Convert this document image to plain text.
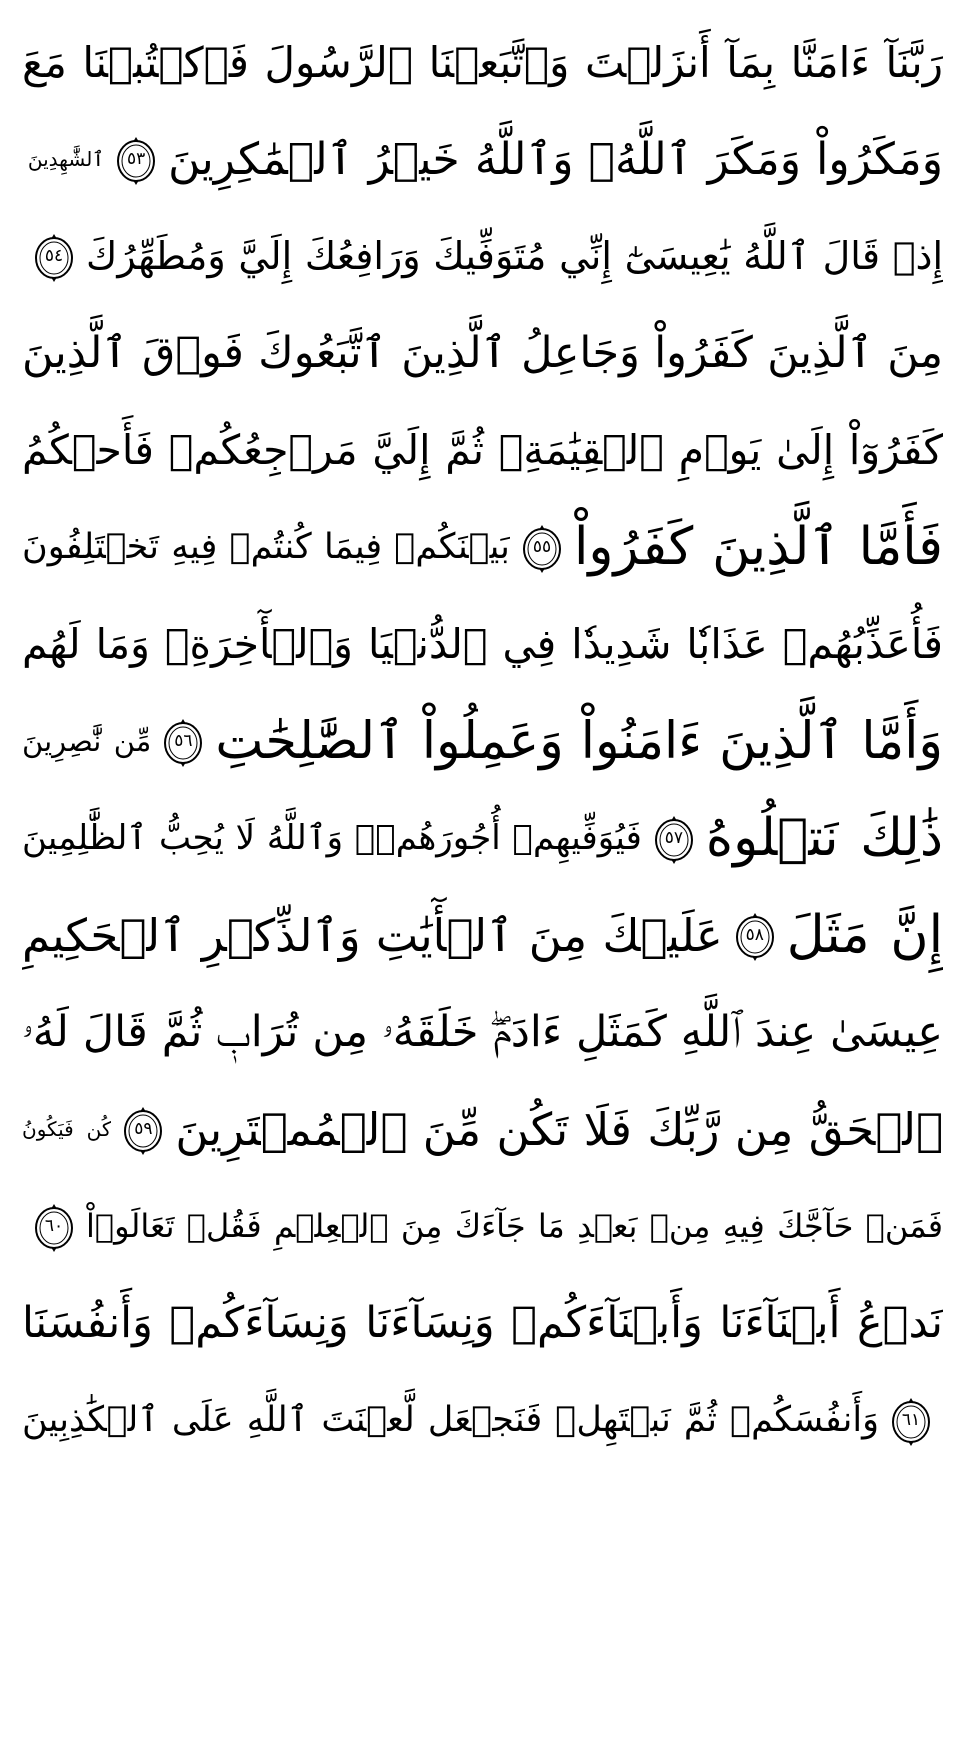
رَبَّنَآ ءَامَنَّا بِمَآ أَنزَلۡتَ وَٱتَّبَعۡنَا ٱلرَّسُولَ فَٱكۡتُبۡنَا مَعَ
ٱلشَّٰهِدِينَ ٥٣ وَمَكَرُواْ وَمَكَرَ ٱللَّهُۖ وَٱللَّهُ خَيۡرُ ٱلۡمَٰكِرِينَ
٥٤ إِذۡ قَالَ ٱللَّهُ يَٰعِيسَىٰٓ إِنِّي مُتَوَفِّيكَ وَرَافِعُكَ إِلَيَّ وَمُطَهِّرُكَ
مِنَ ٱلَّذِينَ كَفَرُواْ وَجَاعِلُ ٱلَّذِينَ ٱتَّبَعُوكَ فَوۡقَ ٱلَّذِينَ
كَفَرُوٓاْ إِلَىٰ يَوۡمِ ٱلۡقِيَٰمَةِۖ ثُمَّ إِلَيَّ مَرۡجِعُكُمۡ فَأَحۡكُمُ
بَيۡنَكُمۡ فِيمَا كُنتُمۡ فِيهِ تَخۡتَلِفُونَ ٥٥ فَأَمَّا ٱلَّذِينَ كَفَرُواْ
فَأُعَذِّبُهُمۡ عَذَابٗا شَدِيدٗا فِي ٱلدُّنۡيَا وَٱلۡأٓخِرَةِۖ وَمَا لَهُم
مِّن نَّٰصِرِينَ ٥٦ وَأَمَّا ٱلَّذِينَ ءَامَنُواْ وَعَمِلُواْ ٱلصَّٰلِحَٰتِ
فَيُوَفِّيهِمۡ أُجُورَهُمۡۗ وَٱللَّهُ لَا يُحِبُّ ٱلظَّٰلِمِينَ ٥٧ ذَٰلِكَ نَتۡلُوهُ
عَلَيۡكَ مِنَ ٱلۡأٓيَٰتِ وَٱلذِّكۡرِ ٱلۡحَكِيمِ ٥٨ إِنَّ مَثَلَ
عِيسَىٰ عِندَ ٱللَّهِ كَمَثَلِ ءَادَمَۖ خَلَقَهُۥ مِن تُرَابٖ ثُمَّ قَالَ لَهُۥ
كُن فَيَكُونُ ٥٩ ٱلۡحَقُّ مِن رَّبِّكَ فَلَا تَكُن مِّنَ ٱلۡمُمۡتَرِينَ
٦٠ فَمَنۡ حَآجَّكَ فِيهِ مِنۢ بَعۡدِ مَا جَآءَكَ مِنَ ٱلۡعِلۡمِ فَقُلۡ تَعَالَوۡاْ
نَدۡعُ أَبۡنَآءَنَا وَأَبۡنَآءَكُمۡ وَنِسَآءَنَا وَنِسَآءَكُمۡ وَأَنفُسَنَا
وَأَنفُسَكُمۡ ثُمَّ نَبۡتَهِلۡ فَنَجۡعَل لَّعۡنَتَ ٱللَّهِ عَلَى ٱلۡكَٰذِبِينَ ٦١
